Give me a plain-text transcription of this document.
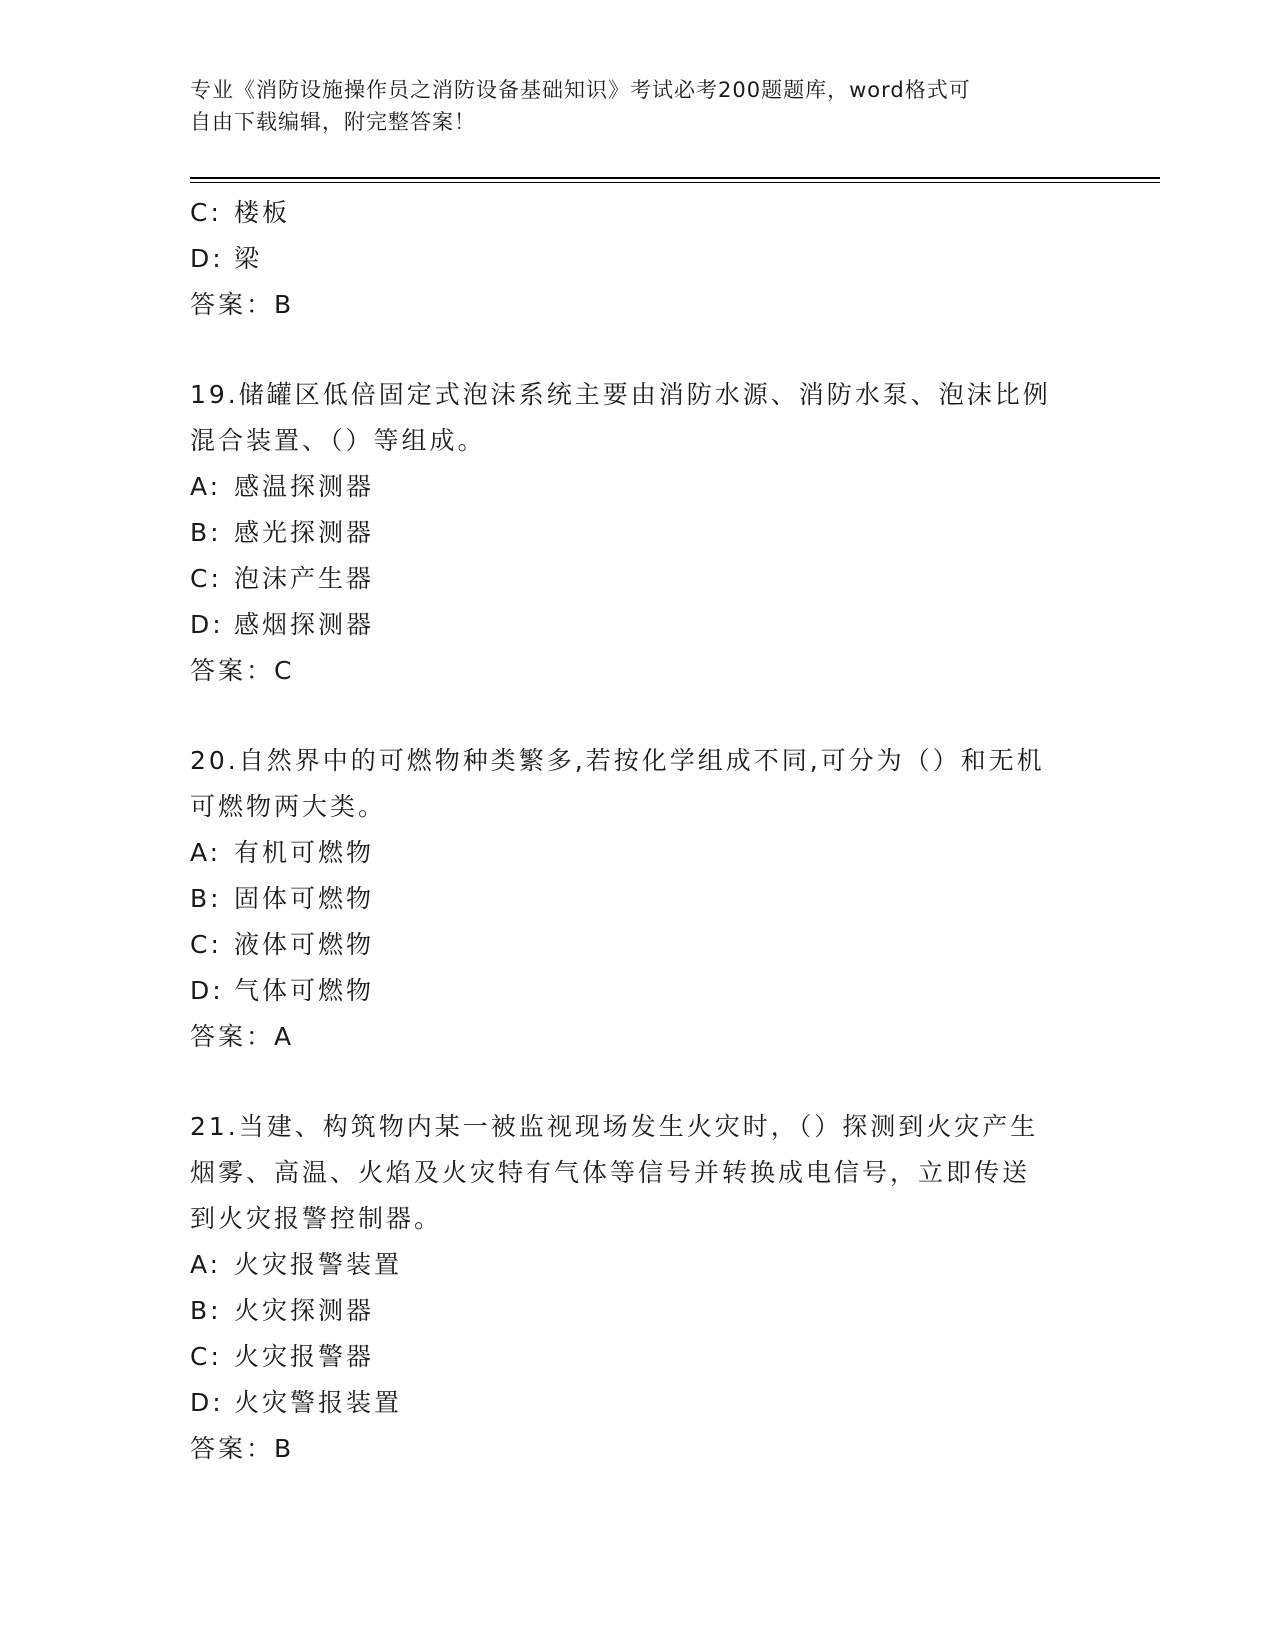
专业《消防设施操作员之消防设备基础知识》考试必考200题题库，word格式可
自由下载编辑，附完整答案！
C: 楼板
D: 梁
答案：B
19.储罐区低倍固定式泡沫系统主要由消防水源、消防水泵、泡沫比例
混合装置、（）等组成。
A: 感温探测器
B: 感光探测器
C: 泡沫产生器
D: 感烟探测器
答案：C
20.自然界中的可燃物种类繁多,若按化学组成不同,可分为（）和无机
可燃物两大类。
A: 有机可燃物
B: 固体可燃物
C: 液体可燃物
D: 气体可燃物
答案：A
21.当建、构筑物内某一被监视现场发生火灾时，（）探测到火灾产生
烟雾、高温、火焰及火灾特有气体等信号并转换成电信号，立即传送
到火灾报警控制器。
A: 火灾报警装置
B: 火灾探测器
C: 火灾报警器
D: 火灾警报装置
答案：B
